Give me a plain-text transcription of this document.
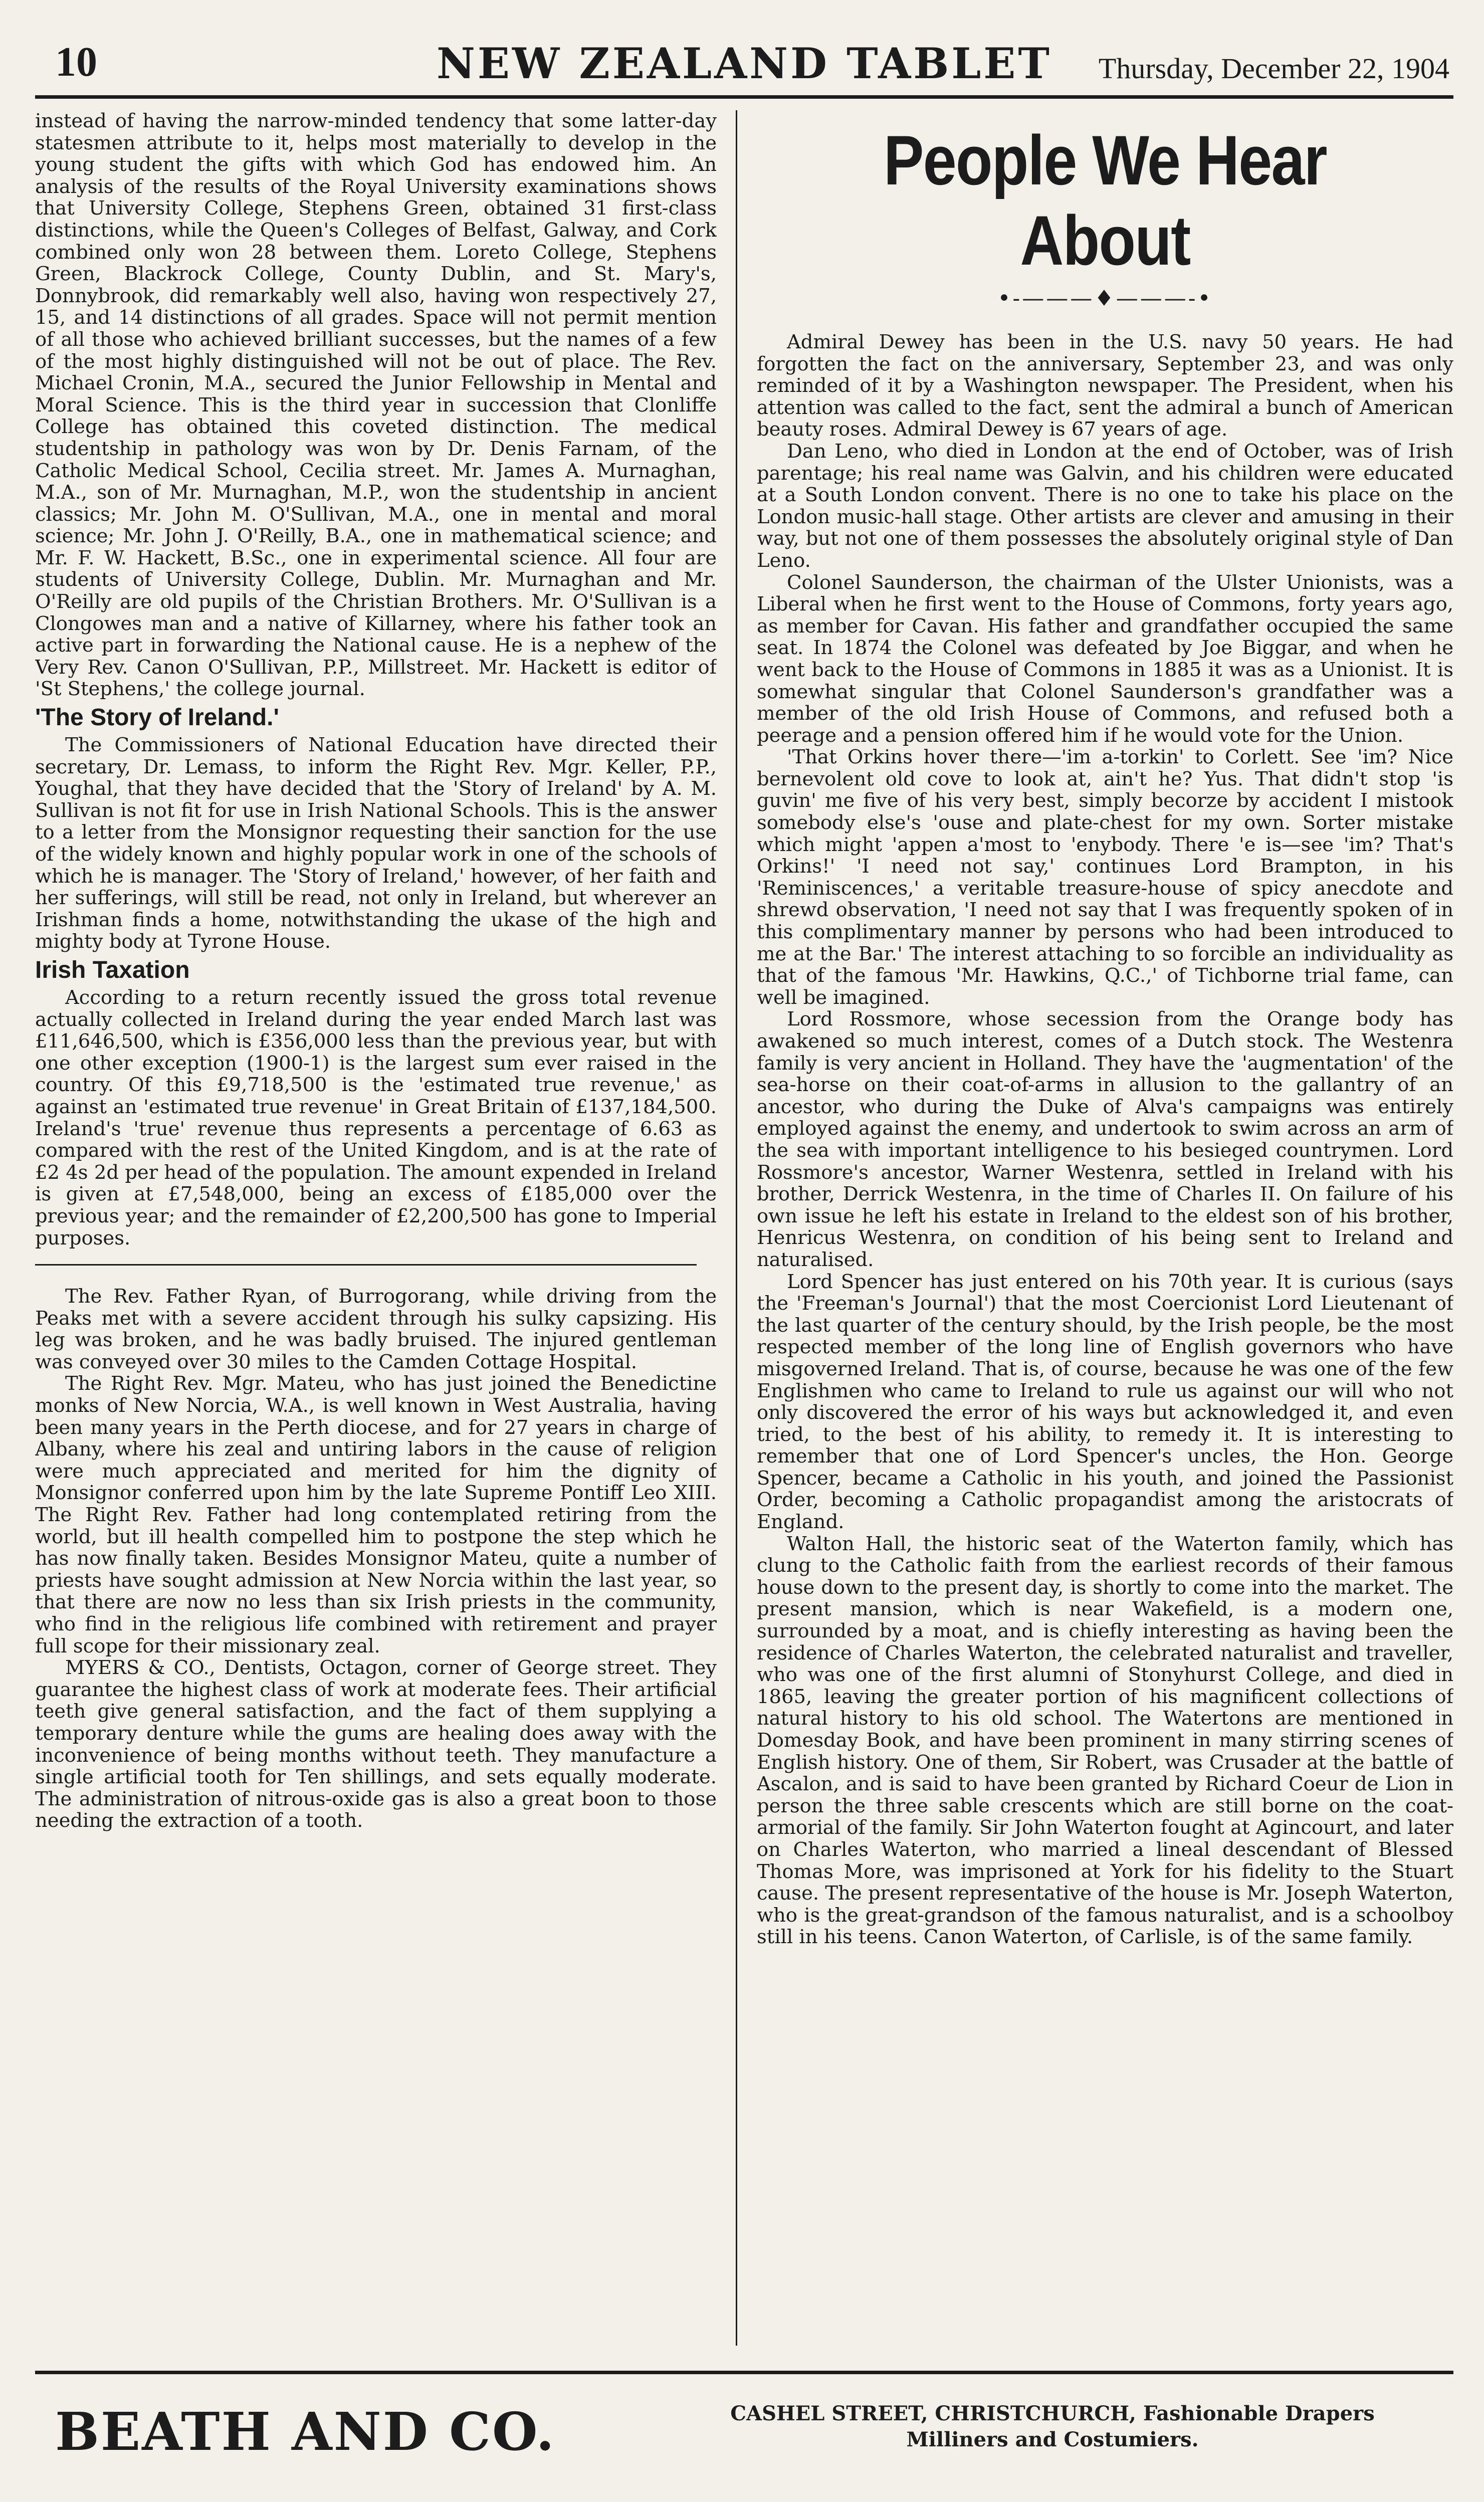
10	NEW ZEALAND TABLET	Thursday, December 22, 1904

instead of having the narrow-minded tendency that some latter-day statesmen attribute to it, helps most materially to develop in the young student the gifts with which God has endowed him. An analysis of the results of the Royal University examinations shows that University College, Stephens Green, obtained 31 first-class distinctions, while the Queen's Colleges of Belfast, Galway, and Cork combined only won 28 between them. Loreto College, Stephens Green, Blackrock College, County Dublin, and St. Mary's, Donnybrook, did remarkably well also, having won respectively 27, 15, and 14 distinctions of all grades. Space will not permit mention of all those who achieved brilliant successes, but the names of a few of the most highly distinguished will not be out of place. The Rev. Michael Cronin, M.A., secured the Junior Fellowship in Mental and Moral Science. This is the third year in succession that Clonliffe College has obtained this coveted distinction. The medical studentship in pathology was won by Dr. Denis Farnam, of the Catholic Medical School, Cecilia street. Mr. James A. Murnaghan, M.A., son of Mr. Murnaghan, M.P., won the studentship in ancient classics; Mr. John M. O'Sullivan, M.A., one in mental and moral science; Mr. John J. O'Reilly, B.A., one in mathematical science; and Mr. F. W. Hackett, B.Sc., one in experimental science. All four are students of University College, Dublin. Mr. Murnaghan and Mr. O'Reilly are old pupils of the Christian Brothers. Mr. O'Sullivan is a Clongowes man and a native of Killarney, where his father took an active part in forwarding the National cause. He is a nephew of the Very Rev. Canon O'Sullivan, P.P., Millstreet. Mr. Hackett is editor of 'St Stephens,' the college journal.

'The Story of Ireland.'

The Commissioners of National Education have directed their secretary, Dr. Lemass, to inform the Right Rev. Mgr. Keller, P.P., Youghal, that they have decided that the 'Story of Ireland' by A. M. Sullivan is not fit for use in Irish National Schools. This is the answer to a letter from the Monsignor requesting their sanction for the use of the widely known and highly popular work in one of the schools of which he is manager. The 'Story of Ireland,' however, of her faith and her sufferings, will still be read, not only in Ireland, but wherever an Irishman finds a home, notwithstanding the ukase of the high and mighty body at Tyrone House.

Irish Taxation

According to a return recently issued the gross total revenue actually collected in Ireland during the year ended March last was £11,646,500, which is £356,000 less than the previous year, but with one other exception (1900-1) is the largest sum ever raised in the country. Of this £9,718,500 is the 'estimated true revenue,' as against an 'estimated true revenue' in Great Britain of £137,184,500. Ireland's 'true' revenue thus represents a percentage of 6.63 as compared with the rest of the United Kingdom, and is at the rate of £2 4s 2d per head of the population. The amount expended in Ireland is given at £7,548,000, being an excess of £185,000 over the previous year; and the remainder of £2,200,500 has gone to Imperial purposes.

The Rev. Father Ryan, of Burrogorang, while driving from the Peaks met with a severe accident through his sulky capsizing. His leg was broken, and he was badly bruised. The injured gentleman was conveyed over 30 miles to the Camden Cottage Hospital.

The Right Rev. Mgr. Mateu, who has just joined the Benedictine monks of New Norcia, W.A., is well known in West Australia, having been many years in the Perth diocese, and for 27 years in charge of Albany, where his zeal and untiring labors in the cause of religion were much appreciated and merited for him the dignity of Monsignor conferred upon him by the late Supreme Pontiff Leo XIII. The Right Rev. Father had long contemplated retiring from the world, but ill health compelled him to postpone the step which he has now finally taken. Besides Monsignor Mateu, quite a number of priests have sought admission at New Norcia within the last year, so that there are now no less than six Irish priests in the community, who find in the religious life combined with retirement and prayer full scope for their missionary zeal.

MYERS & CO., Dentists, Octagon, corner of George street. They guarantee the highest class of work at moderate fees. Their artificial teeth give general satisfaction, and the fact of them supplying a temporary denture while the gums are healing does away with the inconvenience of being months without teeth. They manufacture a single artificial tooth for Ten shillings, and sets equally moderate. The administration of nitrous-oxide gas is also a great boon to those needing the extraction of a tooth.

People We Hear About
•-———♦———-•

Admiral Dewey has been in the U.S. navy 50 years. He had forgotten the fact on the anniversary, September 23, and was only reminded of it by a Washington newspaper. The President, when his attention was called to the fact, sent the admiral a bunch of American beauty roses. Admiral Dewey is 67 years of age.

Dan Leno, who died in London at the end of October, was of Irish parentage; his real name was Galvin, and his children were educated at a South London convent. There is no one to take his place on the London music-hall stage. Other artists are clever and amusing in their way, but not one of them possesses the absolutely original style of Dan Leno.

Colonel Saunderson, the chairman of the Ulster Unionists, was a Liberal when he first went to the House of Commons, forty years ago, as member for Cavan. His father and grandfather occupied the same seat. In 1874 the Colonel was defeated by Joe Biggar, and when he went back to the House of Commons in 1885 it was as a Unionist. It is somewhat singular that Colonel Saunderson's grandfather was a member of the old Irish House of Commons, and refused both a peerage and a pension offered him if he would vote for the Union.

'That Orkins hover there—'im a-torkin' to Corlett. See 'im? Nice bernevolent old cove to look at, ain't he? Yus. That didn't stop 'is guvin' me five of his very best, simply becorze by accident I mistook somebody else's 'ouse and plate-chest for my own. Sorter mistake which might 'appen a'most to 'enybody. There 'e is—see 'im? That's Orkins!' 'I need not say,' continues Lord Brampton, in his 'Reminiscences,' a veritable treasure-house of spicy anecdote and shrewd observation, 'I need not say that I was frequently spoken of in this complimentary manner by persons who had been introduced to me at the Bar.' The interest attaching to so forcible an individuality as that of the famous 'Mr. Hawkins, Q.C.,' of Tichborne trial fame, can well be imagined.

Lord Rossmore, whose secession from the Orange body has awakened so much interest, comes of a Dutch stock. The Westenra family is very ancient in Holland. They have the 'augmentation' of the sea-horse on their coat-of-arms in allusion to the gallantry of an ancestor, who during the Duke of Alva's campaigns was entirely employed against the enemy, and undertook to swim across an arm of the sea with important intelligence to his besieged countrymen. Lord Rossmore's ancestor, Warner Westenra, settled in Ireland with his brother, Derrick Westenra, in the time of Charles II. On failure of his own issue he left his estate in Ireland to the eldest son of his brother, Henricus Westenra, on condition of his being sent to Ireland and naturalised.

Lord Spencer has just entered on his 70th year. It is curious (says the 'Freeman's Journal') that the most Coercionist Lord Lieutenant of the last quarter of the century should, by the Irish people, be the most respected member of the long line of English governors who have misgoverned Ireland. That is, of course, because he was one of the few Englishmen who came to Ireland to rule us against our will who not only discovered the error of his ways but acknowledged it, and even tried, to the best of his ability, to remedy it. It is interesting to remember that one of Lord Spencer's uncles, the Hon. George Spencer, became a Catholic in his youth, and joined the Passionist Order, becoming a Catholic propagandist among the aristocrats of England.

Walton Hall, the historic seat of the Waterton family, which has clung to the Catholic faith from the earliest records of their famous house down to the present day, is shortly to come into the market. The present mansion, which is near Wakefield, is a modern one, surrounded by a moat, and is chiefly interesting as having been the residence of Charles Waterton, the celebrated naturalist and traveller, who was one of the first alumni of Stonyhurst College, and died in 1865, leaving the greater portion of his magnificent collections of natural history to his old school. The Watertons are mentioned in Domesday Book, and have been prominent in many stirring scenes of English history. One of them, Sir Robert, was Crusader at the battle of Ascalon, and is said to have been granted by Richard Coeur de Lion in person the three sable crescents which are still borne on the coat-armorial of the family. Sir John Waterton fought at Agincourt, and later on Charles Waterton, who married a lineal descendant of Blessed Thomas More, was imprisoned at York for his fidelity to the Stuart cause. The present representative of the house is Mr. Joseph Waterton, who is the great-grandson of the famous naturalist, and is a schoolboy still in his teens. Canon Waterton, of Carlisle, is of the same family.

BEATH AND CO.	CASHEL STREET, CHRISTCHURCH, Fashionable Drapers
Milliners and Costumiers.
